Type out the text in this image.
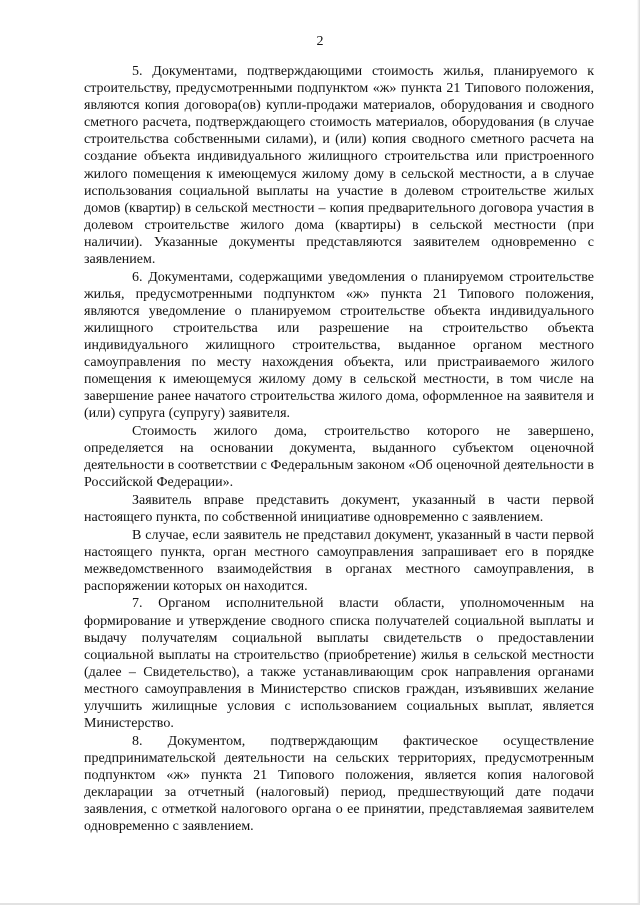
2

5. Документами, подтверждающими стоимость жилья, планируемого к строительству, предусмотренными подпунктом «ж» пункта 21 Типового положения, являются копия договора(ов) купли-продажи материалов, оборудования и сводного сметного расчета, подтверждающего стоимость материалов, оборудования (в случае строительства собственными силами), и (или) копия сводного сметного расчета на создание объекта индивидуального жилищного строительства или пристроенного жилого помещения к имеющемуся жилому дому в сельской местности, а в случае использования социальной выплаты на участие в долевом строительстве жилых домов (квартир) в сельской местности – копия предварительного договора участия в долевом строительстве жилого дома (квартиры) в сельской местности (при наличии). Указанные документы представляются заявителем одновременно с заявлением.

6. Документами, содержащими уведомления о планируемом строительстве жилья, предусмотренными подпунктом «ж» пункта 21 Типового положения, являются уведомление о планируемом строительстве объекта индивидуального жилищного строительства или разрешение на строительство объекта индивидуального жилищного строительства, выданное органом местного самоуправления по месту нахождения объекта, или пристраиваемого жилого помещения к имеющемуся жилому дому в сельской местности, в том числе на завершение ранее начатого строительства жилого дома, оформленное на заявителя и (или) супруга (супругу) заявителя.

Стоимость жилого дома, строительство которого не завершено, определяется на основании документа, выданного субъектом оценочной деятельности в соответствии с Федеральным законом «Об оценочной деятельности в Российской Федерации».

Заявитель вправе представить документ, указанный в части первой настоящего пункта, по собственной инициативе одновременно с заявлением.

В случае, если заявитель не представил документ, указанный в части первой настоящего пункта, орган местного самоуправления запрашивает его в порядке межведомственного взаимодействия в органах местного самоуправления, в распоряжении которых он находится.

7. Органом исполнительной власти области, уполномоченным на формирование и утверждение сводного списка получателей социальной выплаты и выдачу получателям социальной выплаты свидетельств о предоставлении социальной выплаты на строительство (приобретение) жилья в сельской местности (далее – Свидетельство), а также устанавливающим срок направления органами местного самоуправления в Министерство списков граждан, изъявивших желание улучшить жилищные условия с использованием социальных выплат, является Министерство.

8. Документом, подтверждающим фактическое осуществление предпринимательской деятельности на сельских территориях, предусмотренным подпунктом «ж» пункта 21 Типового положения, является копия налоговой декларации за отчетный (налоговый) период, предшествующий дате подачи заявления, с отметкой налогового органа о ее принятии, представляемая заявителем одновременно с заявлением.
